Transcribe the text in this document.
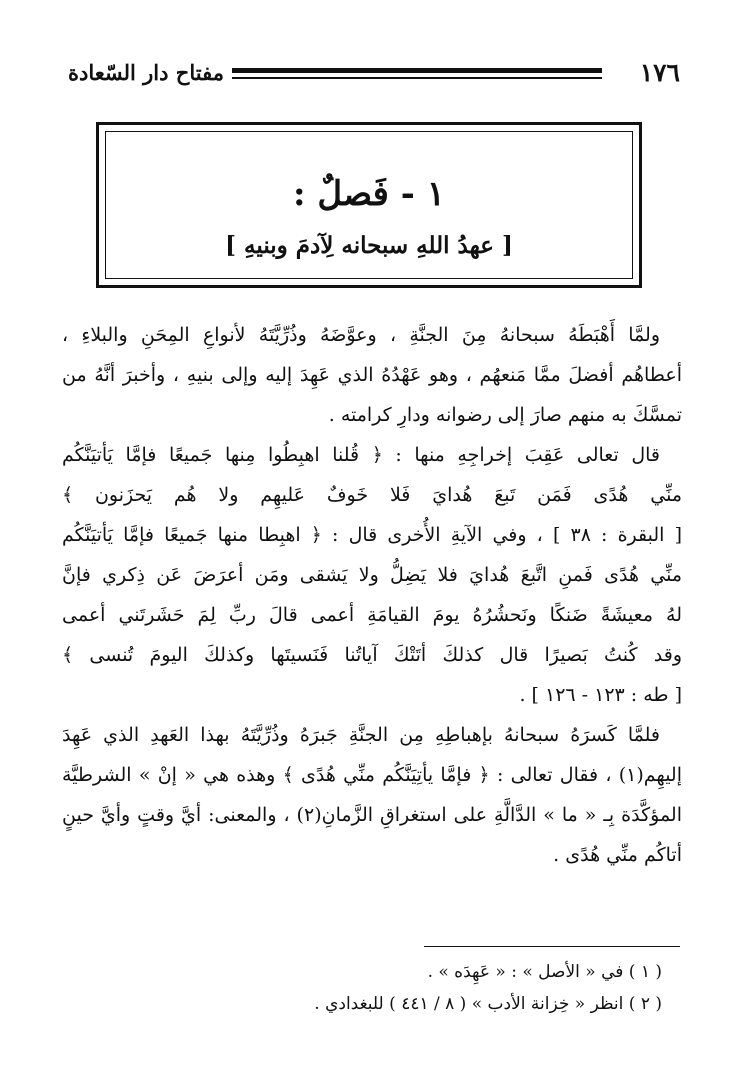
مفتاح دار السّعادة	١٧٦
١ - فَصلٌ :
[ عهدُ اللهِ سبحانه لِآدمَ وبنيهِ ]
ولمَّا أَهْبَطَهُ سبحانهُ مِنَ الجنَّةِ ، وعوَّضَهُ وذُرِّيَّتَهُ لأنواعِ المِحَنِ والبلاءِ ،
أعطاهُم أفضلَ ممَّا مَنعهُم ، وهو عَهْدُهُ الذي عَهِدَ إليه وإلى بنيهِ ، وأخبرَ أنَّهُ من
تمسَّكَ به منهم صارَ إلى رضوانه ودارِ كرامته .
قال تعالى عَقِبَ إخراجِهِ منها : ﴿ قُلنا اهبِطُوا مِنها جَميعًا فإمَّا يَأتيَنَّكُم
منِّي هُدًى فَمَن تَبعَ هُدايَ فَلا خَوفٌ عَليهِم ولا هُم يَحزَنون ﴾
[ البقرة : ٣٨ ] ، وفي الآيةِ الأُخرى قال : ﴿ اهبِطا منها جَميعًا فإمَّا يَأتيَنَّكُم
منِّي هُدًى فَمنِ اتَّبعَ هُدايَ فلا يَضِلُّ ولا يَشقى ومَن أعرَضَ عَن ذِكري فإنَّ
لهُ معيشَةً ضَنكًا ونَحشُرُهُ يومَ القيامَةِ أعمى قالَ ربِّ لِمَ حَشَرتَني أعمى
وقد كُنتُ بَصيرًا قال كذلكَ أتَتْكَ آياتُنا فَنَسيتَها وكذلكَ اليومَ تُنسى ﴾
[ طه : ١٢٣ - ١٢٦ ] .
فلمَّا كَسرَهُ سبحانهُ بإهباطِهِ مِن الجنَّةِ جَبرَهُ وذُرِّيَّتَهُ بهذا العَهدِ الذي عَهِدَ
إليهِم(١) ، فقال تعالى : ﴿ فإمَّا يأتِيَنَّكُم منِّي هُدًى ﴾ وهذه هي « إنْ » الشرطيَّة
المؤكَّدَة بِـ « ما » الدَّالَّةِ على استغراقِ الزَّمانِ(٢) ، والمعنى: أيَّ وقتٍ وأيَّ حينٍ
أتاكُم منِّي هُدًى .
( ١ ) في « الأصل » : « عَهِدَه » .
( ٢ ) انظر « خِزانة الأدب » ( ٨ / ٤٤١ ) للبغدادي .
